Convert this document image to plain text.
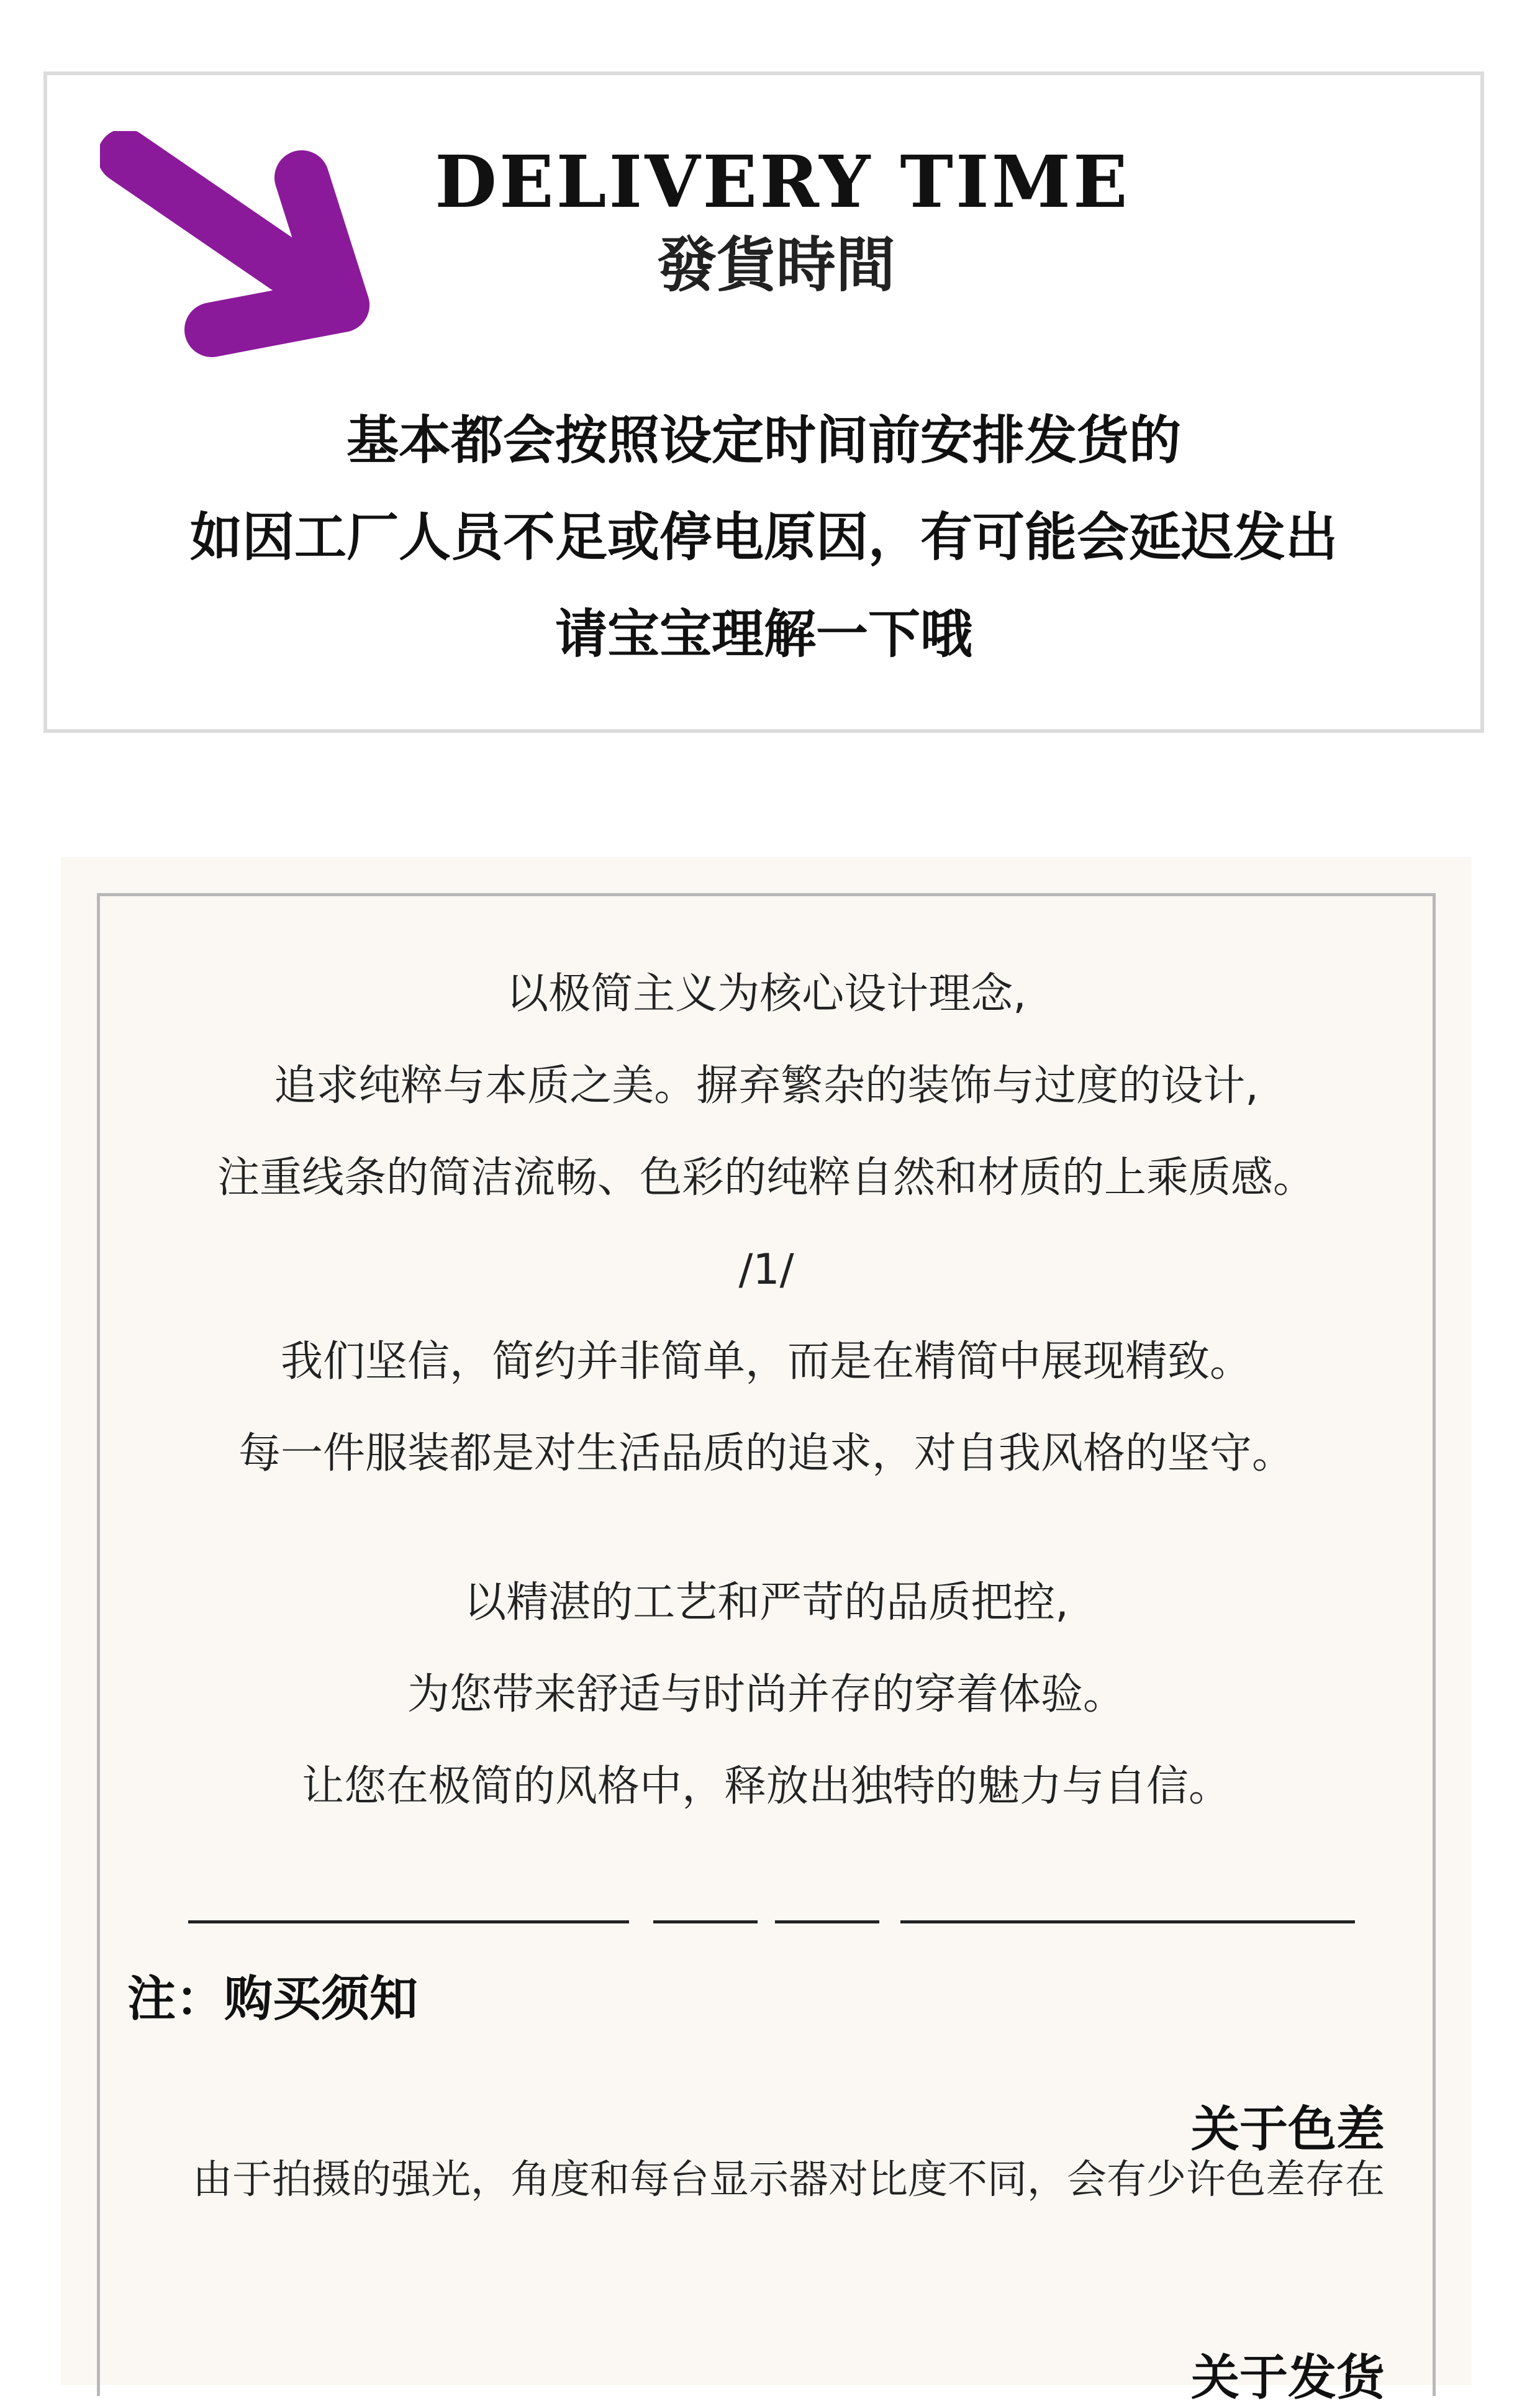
DELIVERY TIME
發貨時間

基本都会按照设定时间前安排发货的

如因工厂人员不足或停电原因，有可能会延迟发出

请宝宝理解一下哦

以极简主义为核心设计理念,

追求纯粹与本质之美。摒弃繁杂的装饰与过度的设计,

注重线条的简洁流畅、色彩的纯粹自然和材质的上乘质感。

/1/

我们坚信，简约并非简单，而是在精简中展现精致。

每一件服装都是对生活品质的追求，对自我风格的坚守。

以精湛的工艺和严苛的品质把控,

为您带来舒适与时尚并存的穿着体验。

让您在极简的风格中，释放出独特的魅力与自信。

注：购买须知
关于色差

由于拍摄的强光，角度和每台显示器对比度不同，会有少许色差存在

关于发货
